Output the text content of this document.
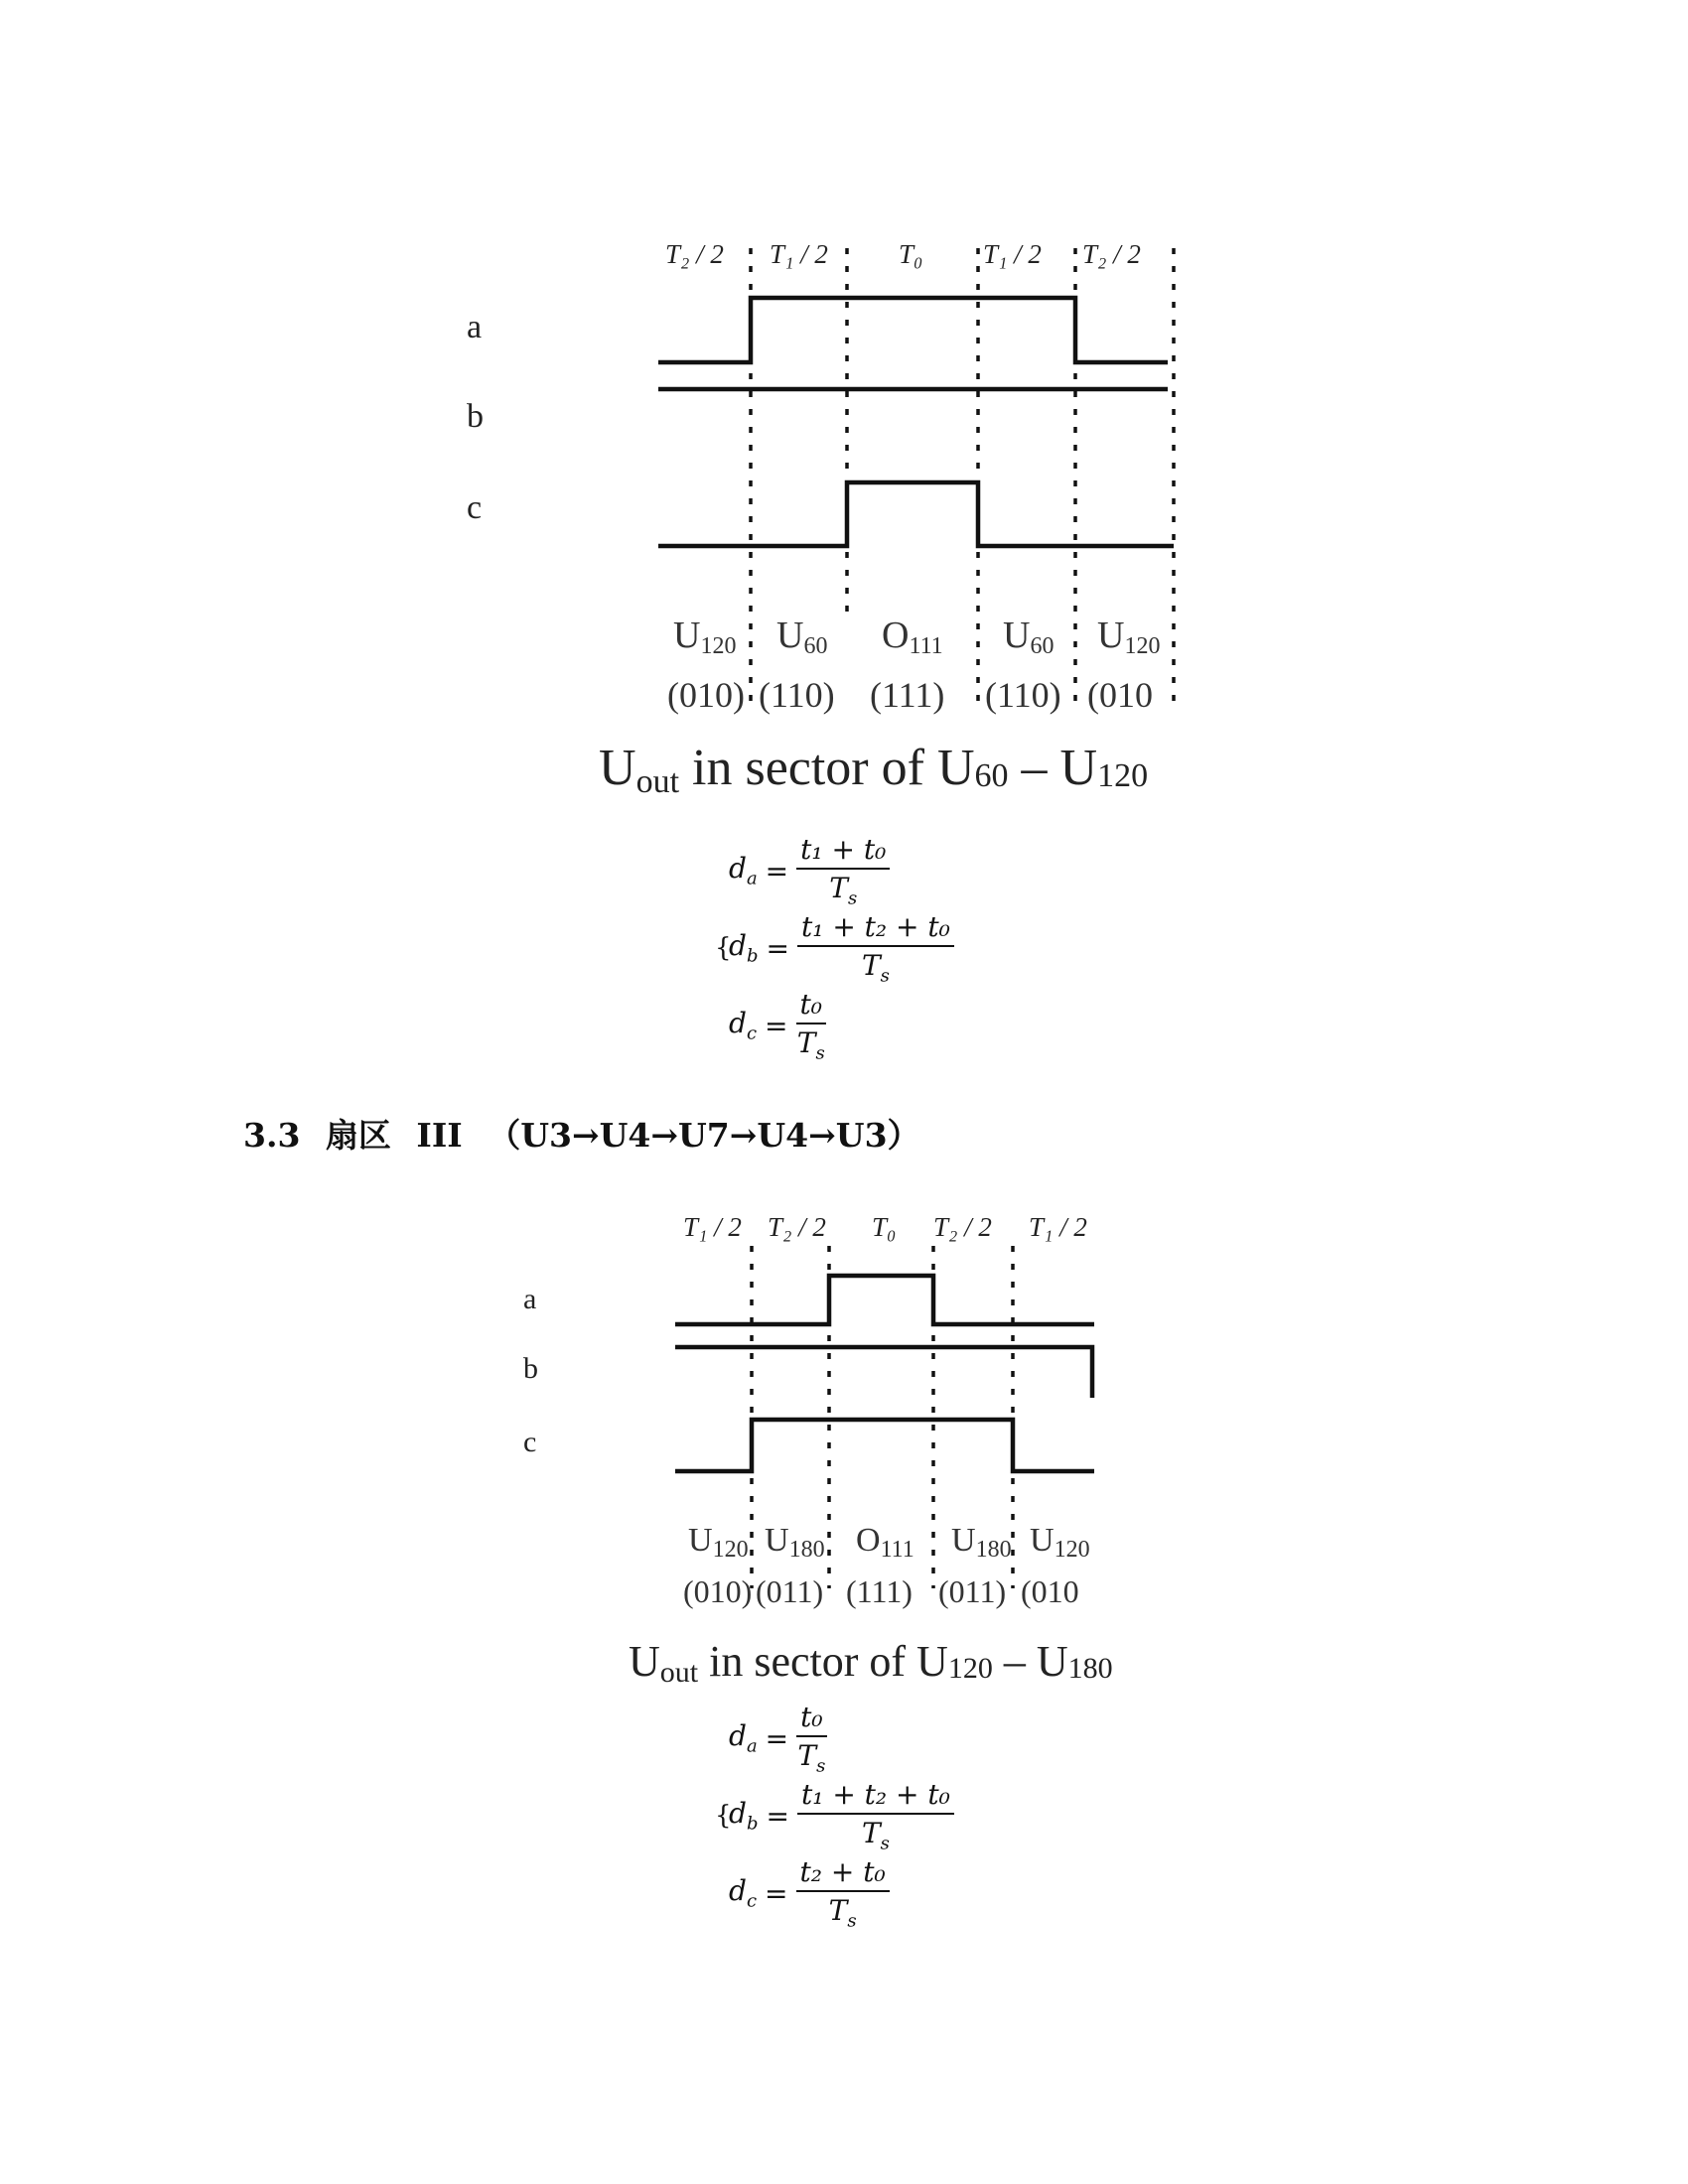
T₂ / 2 T₁ / 2	T₀ T₁ / 2 T₂ / 2
a
b
c
U120 U60 O111 U60 U120
(010) (110) (111) (110) (010
Uout in sector of U60 – U120
$d_a = \frac{\text{t₁ + t₀}}{T_s}$
{
$d_b = \frac{\text{t₁ + t₂ + t₀}}{T_s}$
$d_c = \frac{\text{t₀}}{T_s}$
3.3 扇区 III （U3→U4→U7→U4→U3）
T₁ / 2 T₂ / 2 T₀ T₂ / 2 T₁ / 2
a
b
c
U120 U180 O111 U180 U120
(010) (011) (111) (011) (010
Uout in sector of U120 – U180
$d_a = \frac{\text{t₀}}{T_s}$
{
$d_b = \frac{\text{t₁ + t₂ + t₀}}{T_s}$
$d_c = \frac{\text{t₂ + t₀}}{T_s}$
